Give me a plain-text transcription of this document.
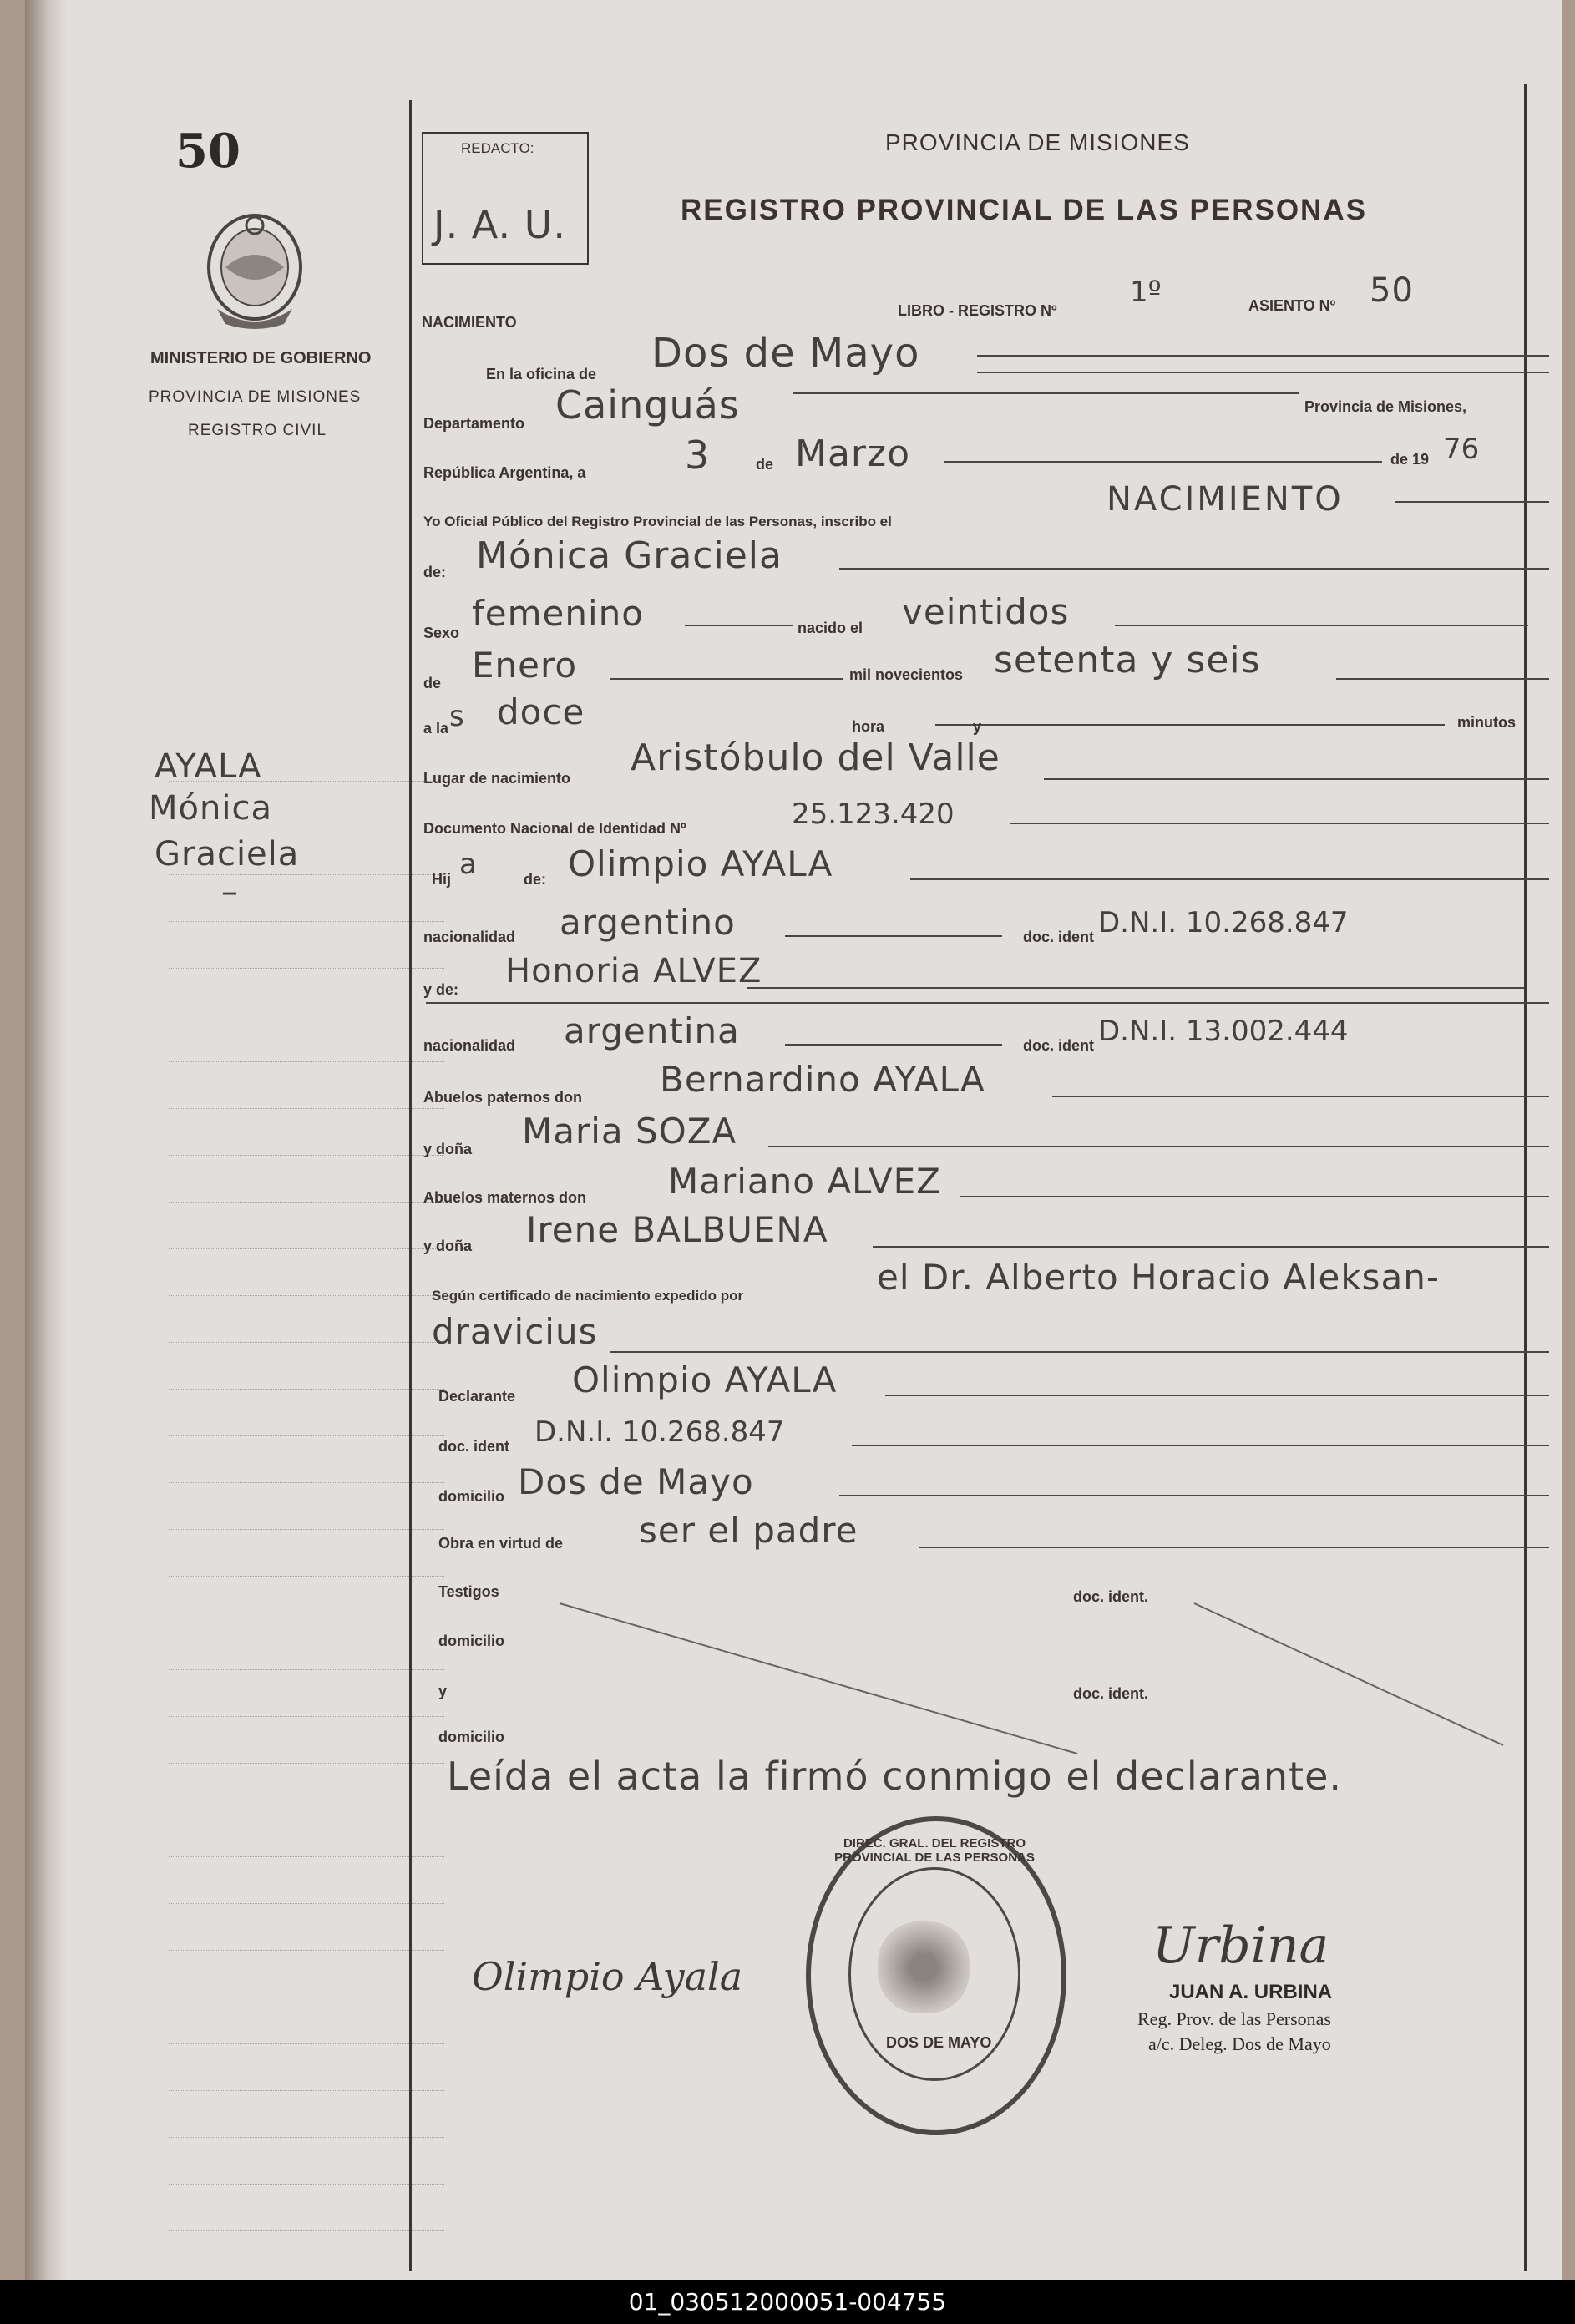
50
MINISTERIO DE GOBIERNO
PROVINCIA DE MISIONES
REGISTRO CIVIL
AYALA
Mónica
Graciela
–
REDACTO:
J. A. U.
PROVINCIA DE MISIONES
REGISTRO PROVINCIAL DE LAS PERSONAS
NACIMIENTO
LIBRO - REGISTRO Nº
1º	ASIENTO Nº 50
En la oficina de Dos de Mayo
Departamento Cainguás	Provincia de Misiones,
República Argentina, a	3	de Marzo	de 19 76
Yo Oficial Público del Registro Provincial de las Personas, inscribo el
NACIMIENTO
de: Mónica Graciela
Sexo femenino	nacido el veintidos
de Enero	mil novecientos setenta y seis
a la s doce	hora	y	minutos
Lugar de nacimiento Aristóbulo del Valle
Documento Nacional de Identidad Nº	25.123.420
Hij a	de: Olimpio AYALA
nacionalidad argentino	doc. ident D.N.I. 10.268.847
y de: Honoria ALVEZ
nacionalidad argentina	doc. ident D.N.I. 13.002.444
Abuelos paternos don Bernardino AYALA
y doña Maria SOZA
Abuelos maternos don Mariano ALVEZ
y doña Irene BALBUENA
Según certificado de nacimiento expedido por	el Dr. Alberto Horacio Aleksan-
dravicius
Declarante Olimpio AYALA
doc. ident D.N.I. 10.268.847
domicilio Dos de Mayo
Obra en virtud de ser el padre
Testigos	doc. ident.
domicilio
y	doc. ident.
domicilio
Leída el acta la firmó conmigo el declarante.
DIREC. GRAL. DEL REGISTRO PROVINCIAL DE LAS PERSONAS
DOS DE MAYO
Olimpio Ayala
Urbina
JUAN A. URBINA
Reg. Prov. de las Personas
a/c. Deleg. Dos de Mayo
01_030512000051-004755
